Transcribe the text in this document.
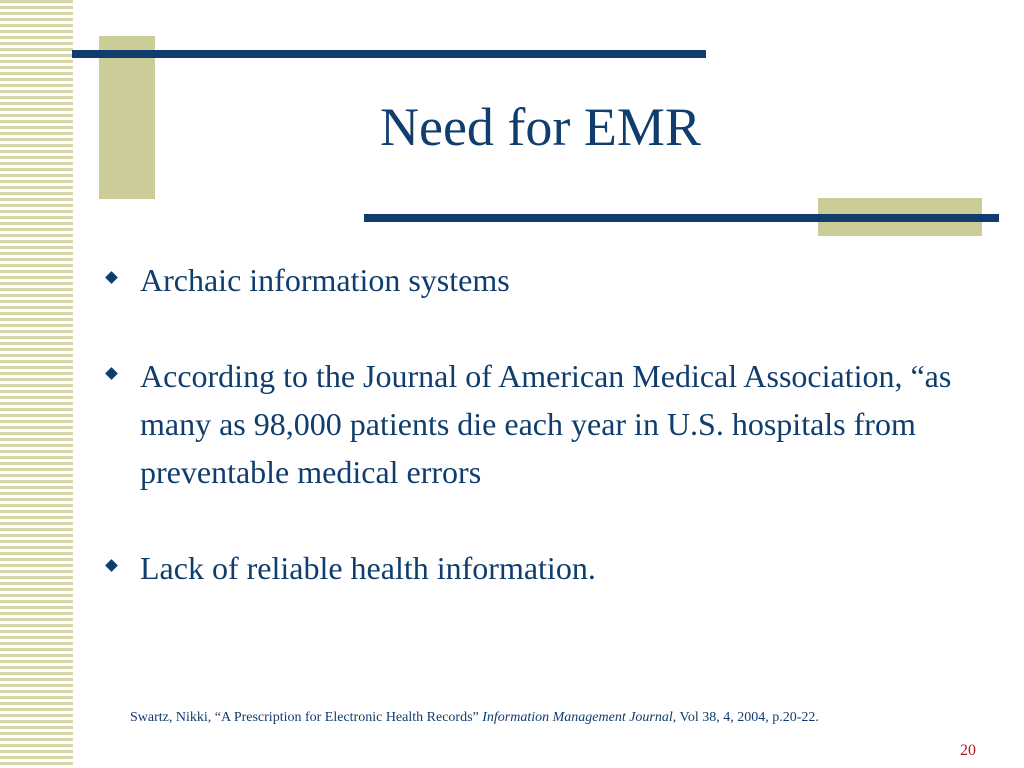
Need for EMR
Archaic information systems
According to the Journal of American Medical Association, “as many as 98,000 patients die each year in U.S. hospitals from preventable medical errors
Lack of reliable health information.

Swartz, Nikki, “A Prescription for Electronic Health Records” Information Management Journal, Vol 38, 4, 2004, p.20-22.

20
